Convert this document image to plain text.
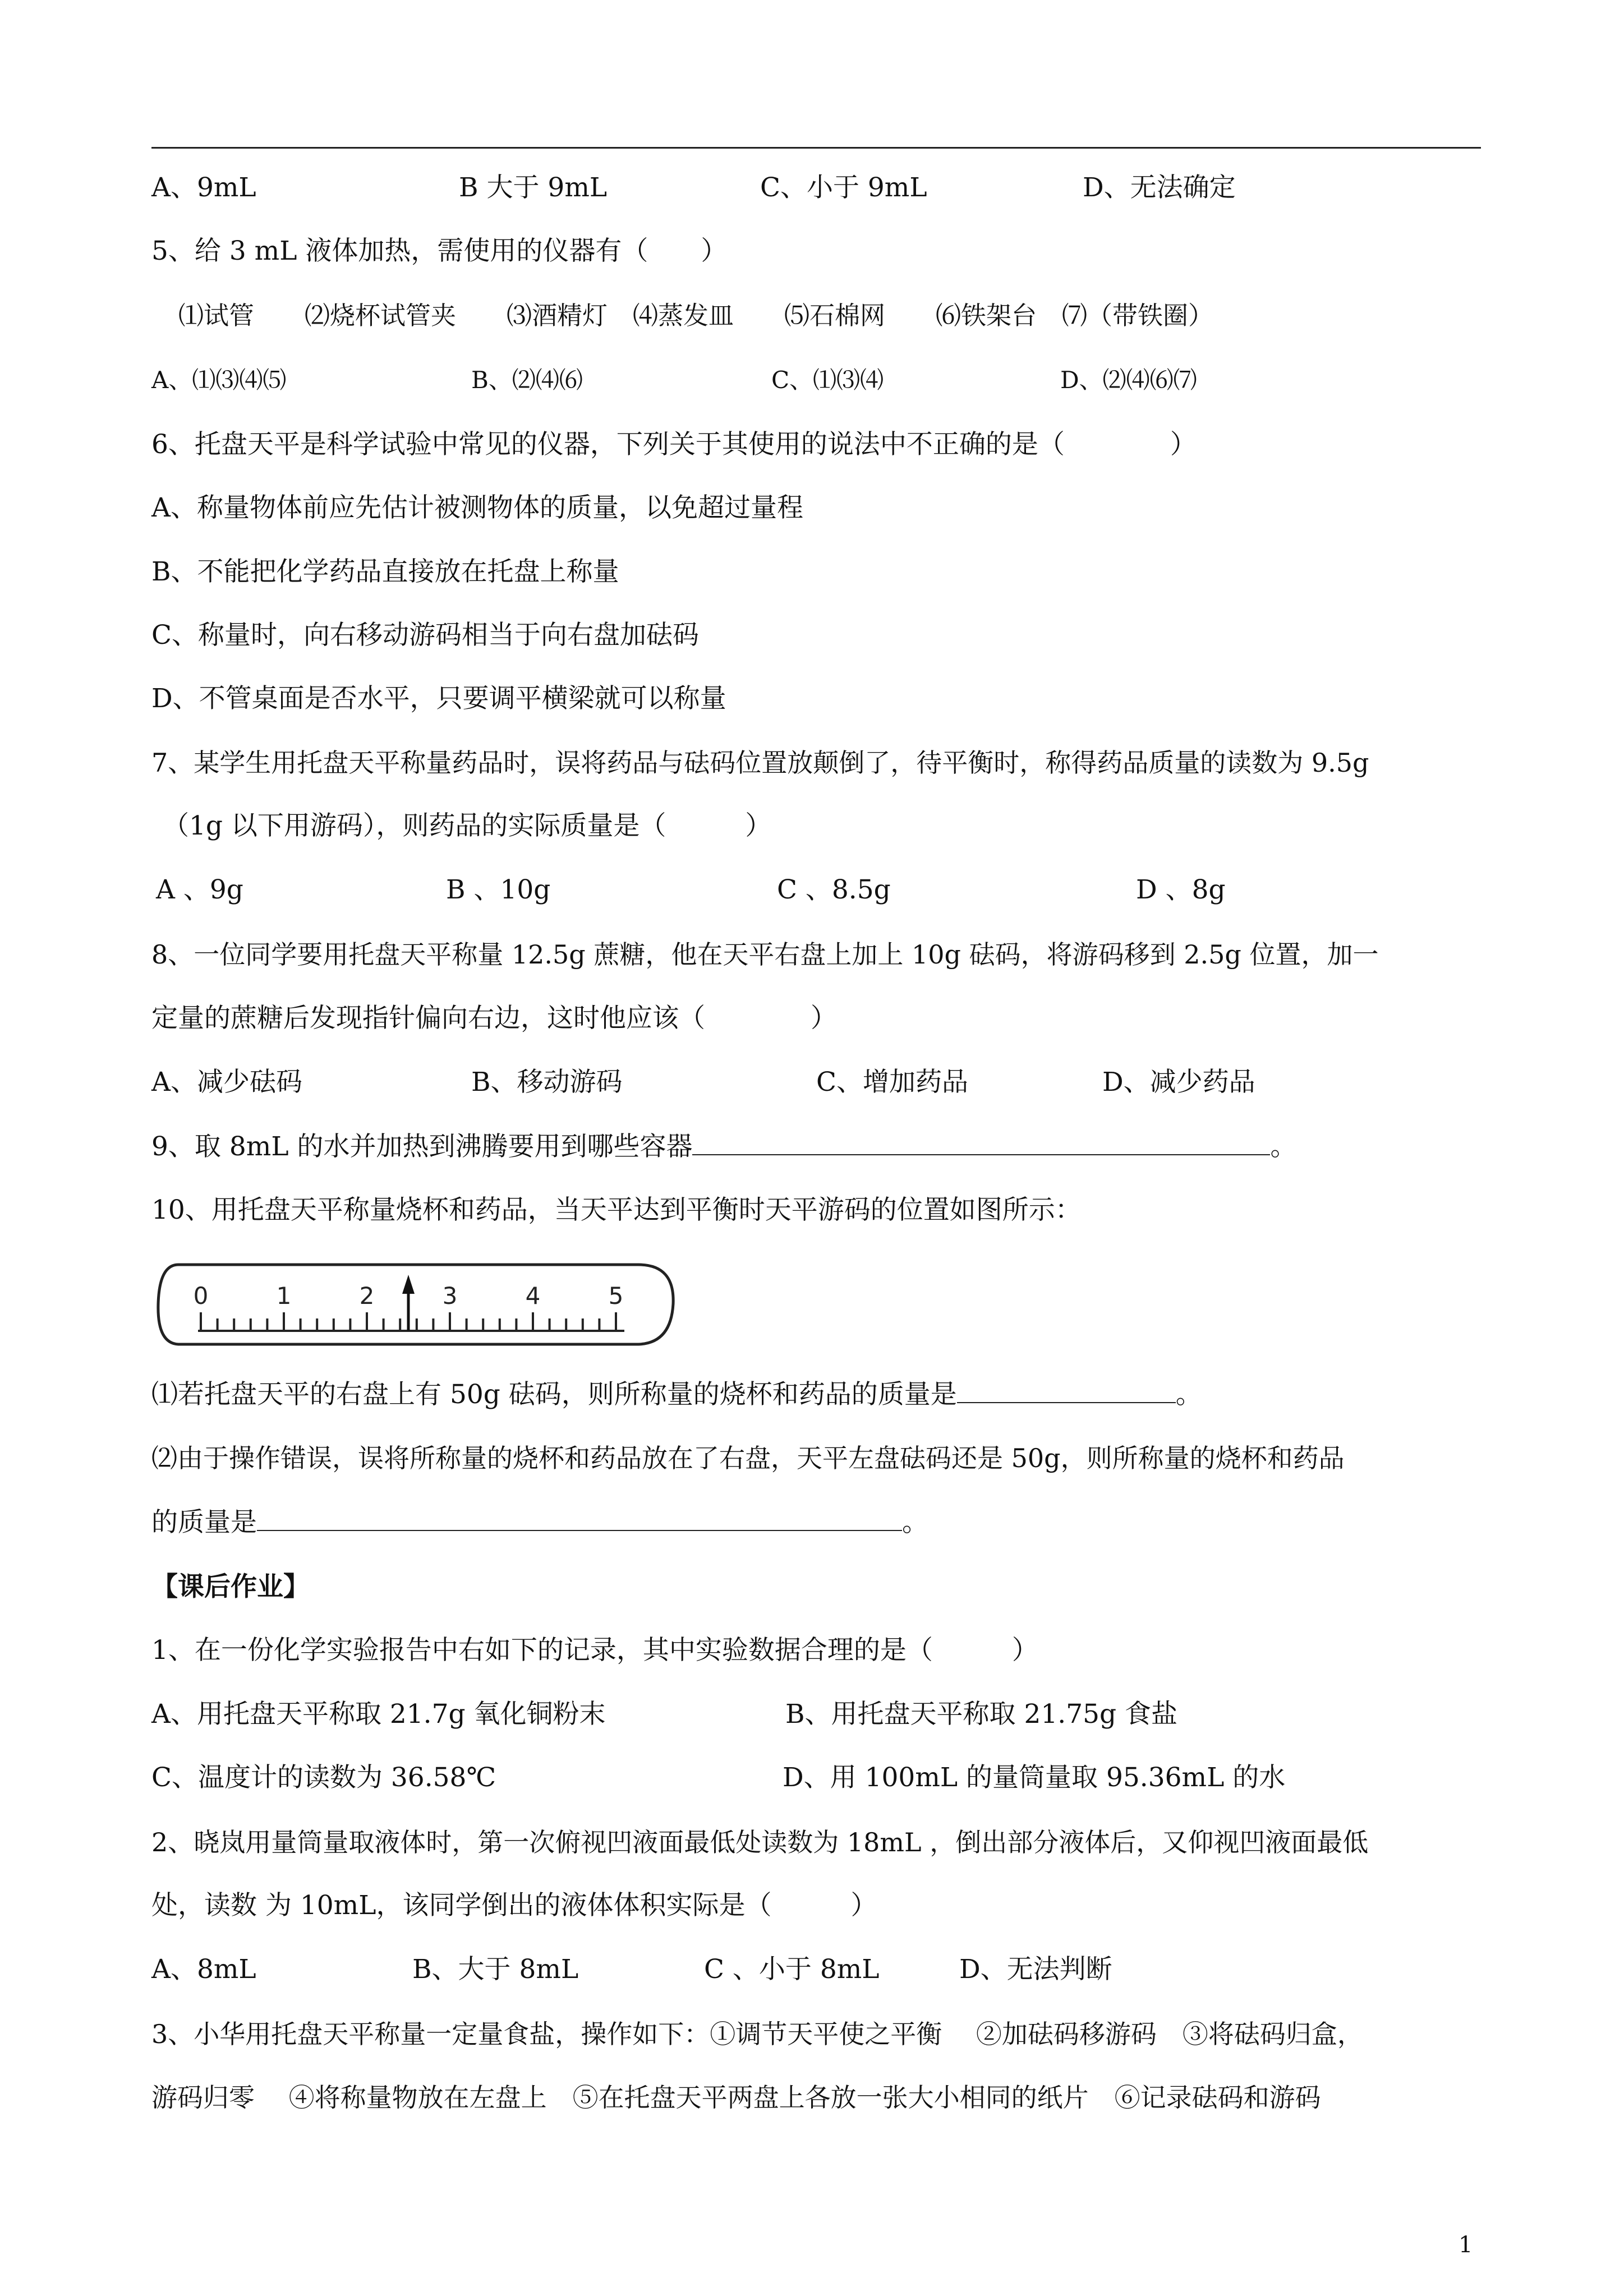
A、9mL	B 大于 9mL	C、小于 9mL	D、无法确定
5、给 3 mL 液体加热，需使用的仪器有（　　）
⑴试管　　⑵烧杯试管夹　　⑶酒精灯　⑷蒸发皿　　⑸石棉网　　⑹铁架台　⑺（带铁圈）
A、⑴⑶⑷⑸	B、⑵⑷⑹	C、⑴⑶⑷	D、⑵⑷⑹⑺
6、托盘天平是科学试验中常见的仪器，下列关于其使用的说法中不正确的是（　　　　）
A、称量物体前应先估计被测物体的质量，以免超过量程
B、不能把化学药品直接放在托盘上称量
C、称量时，向右移动游码相当于向右盘加砝码
D、不管桌面是否水平，只要调平横梁就可以称量
7、某学生用托盘天平称量药品时，误将药品与砝码位置放颠倒了，待平衡时，称得药品质量的读数为 9.5g
（1g 以下用游码），则药品的实际质量是（　　　）
A 、9g	B 、10g	C 、8.5g	D 、8g
8、一位同学要用托盘天平称量 12.5g 蔗糖，他在天平右盘上加上 10g 砝码，将游码移到 2.5g 位置，加一
定量的蔗糖后发现指针偏向右边，这时他应该（　　　　）
A、减少砝码	B、移动游码	C、增加药品	D、减少药品
9、取 8mL 的水并加热到沸腾要用到哪些容器	。
10、用托盘天平称量烧杯和药品，当天平达到平衡时天平游码的位置如图所示：
0	1	2	3	4	5
⑴若托盘天平的右盘上有 50g 砝码，则所称量的烧杯和药品的质量是	。
⑵由于操作错误，误将所称量的烧杯和药品放在了右盘，天平左盘砝码还是 50g，则所称量的烧杯和药品
的质量是	。
【课后作业】
1、在一份化学实验报告中右如下的记录，其中实验数据合理的是（　　　）
A、用托盘天平称取 21.7g 氧化铜粉末	B、用托盘天平称取 21.75g 食盐
C、温度计的读数为 36.58℃	D、用 100mL 的量筒量取 95.36mL 的水
2、晓岚用量筒量取液体时，第一次俯视凹液面最低处读数为 18mL ，倒出部分液体后，又仰视凹液面最低
处，读数 为 10mL，该同学倒出的液体体积实际是（　　　）
A、8mL	B、大于 8mL	C 、小于 8mL	D、无法判断
3、小华用托盘天平称量一定量食盐，操作如下：①调节天平使之平衡　 ②加砝码移游码　③将砝码归盒，
游码归零　 ④将称量物放在左盘上　⑤在托盘天平两盘上各放一张大小相同的纸片　⑥记录砝码和游码
1
